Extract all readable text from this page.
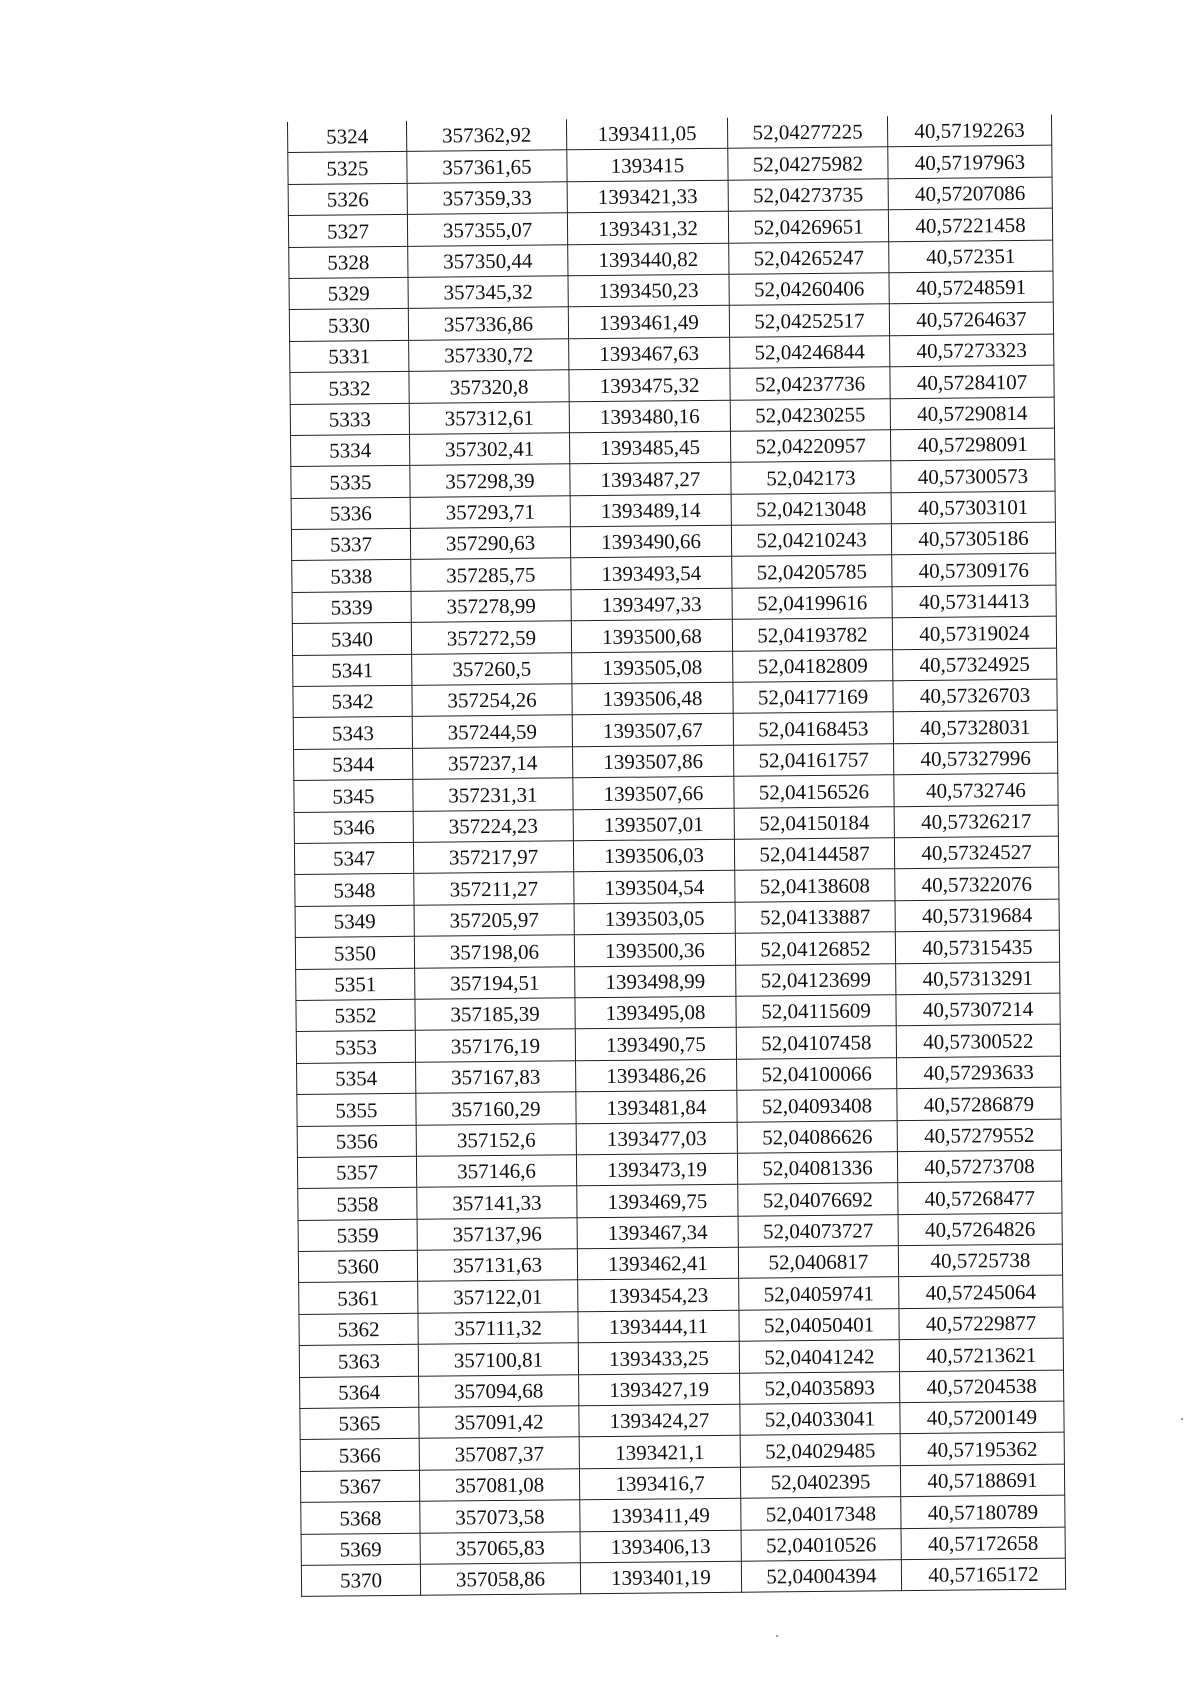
5324	357362,92	1393411,05	52,04277225	40,57192263
5325	357361,65	1393415	52,04275982	40,57197963
5326	357359,33	1393421,33	52,04273735	40,57207086
5327	357355,07	1393431,32	52,04269651	40,57221458
5328	357350,44	1393440,82	52,04265247	40,572351
5329	357345,32	1393450,23	52,04260406	40,57248591
5330	357336,86	1393461,49	52,04252517	40,57264637
5331	357330,72	1393467,63	52,04246844	40,57273323
5332	357320,8	1393475,32	52,04237736	40,57284107
5333	357312,61	1393480,16	52,04230255	40,57290814
5334	357302,41	1393485,45	52,04220957	40,57298091
5335	357298,39	1393487,27	52,042173	40,57300573
5336	357293,71	1393489,14	52,04213048	40,57303101
5337	357290,63	1393490,66	52,04210243	40,57305186
5338	357285,75	1393493,54	52,04205785	40,57309176
5339	357278,99	1393497,33	52,04199616	40,57314413
5340	357272,59	1393500,68	52,04193782	40,57319024
5341	357260,5	1393505,08	52,04182809	40,57324925
5342	357254,26	1393506,48	52,04177169	40,57326703
5343	357244,59	1393507,67	52,04168453	40,57328031
5344	357237,14	1393507,86	52,04161757	40,57327996
5345	357231,31	1393507,66	52,04156526	40,5732746
5346	357224,23	1393507,01	52,04150184	40,57326217
5347	357217,97	1393506,03	52,04144587	40,57324527
5348	357211,27	1393504,54	52,04138608	40,57322076
5349	357205,97	1393503,05	52,04133887	40,57319684
5350	357198,06	1393500,36	52,04126852	40,57315435
5351	357194,51	1393498,99	52,04123699	40,57313291
5352	357185,39	1393495,08	52,04115609	40,57307214
5353	357176,19	1393490,75	52,04107458	40,57300522
5354	357167,83	1393486,26	52,04100066	40,57293633
5355	357160,29	1393481,84	52,04093408	40,57286879
5356	357152,6	1393477,03	52,04086626	40,57279552
5357	357146,6	1393473,19	52,04081336	40,57273708
5358	357141,33	1393469,75	52,04076692	40,57268477
5359	357137,96	1393467,34	52,04073727	40,57264826
5360	357131,63	1393462,41	52,0406817	40,5725738
5361	357122,01	1393454,23	52,04059741	40,57245064
5362	357111,32	1393444,11	52,04050401	40,57229877
5363	357100,81	1393433,25	52,04041242	40,57213621
5364	357094,68	1393427,19	52,04035893	40,57204538
5365	357091,42	1393424,27	52,04033041	40,57200149
5366	357087,37	1393421,1	52,04029485	40,57195362
5367	357081,08	1393416,7	52,0402395	40,57188691
5368	357073,58	1393411,49	52,04017348	40,57180789
5369	357065,83	1393406,13	52,04010526	40,57172658
5370	357058,86	1393401,19	52,04004394	40,57165172
